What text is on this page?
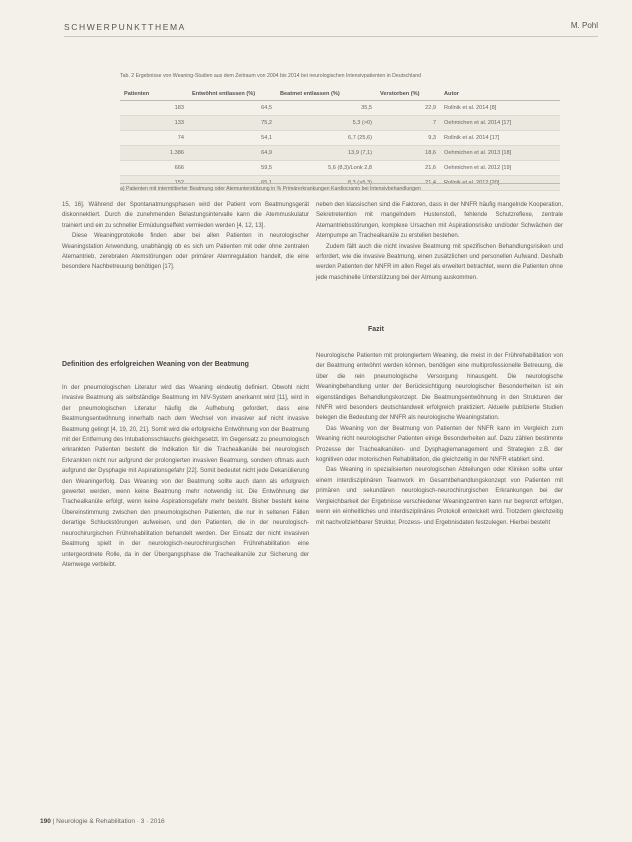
SCHWERPUNKTTHEMA	M. Pohl
Tab. 2 Ergebnisse von Weaning-Studien aus dem Zeitraum von 2004 bis 2014 bei neurologischen Intensivpatienten in Deutschland
Patienten	Entwöhnt entlassen (%)	Beatmet entlassen (%)	Verstorben (%)	Autor
183	64,5	35,5	22,9	Rollnik et al. 2014 [8]
133	75,2	5,3 (>0)	7	Oehmichen et al. 2014 [17]
74	54,1	6,7 (25,6)	9,3	Rollnik et al. 2014 [17]
1.386	64,9	13,9 (7,1)	18,6	Oehmichen et al. 2013 [18]
666	59,5	5,6 (8,3)/Lonk 2,8	21,6	Oehmichen et al. 2012 [19]
152	65,1	8,3 (>5,3)	21,4	Rollnik et al. 2012 [20]
a) Patienten mit intermittierter Beatmung oder Atemunterstützung in % Primärerkrankungen Kardiocranio bei Intensivbehandlungen

15, 16]. Während der Spontanatmungsphasen wird der Patient vom Beatmungsgerät diskonnektiert. Durch die zunehmenden Belastungsintervalle kann die Atemmuskulatur trainiert und ein zu schneller Ermüdungseffekt vermieden werden [4, 12, 13].

Diese Weaningprotokolle finden aber bei allen Patienten in neurologischer Weaningstation Anwendung, unabhängig ob es sich um Patienten mit oder ohne zentralen Atemantrieb, zerebralen Atemstörungen oder primärer Atemregulation handelt, die eine besondere Nachbetreuung benötigen [17].

Definition des erfolgreichen Weaning von der Beatmung

In der pneumologischen Literatur wird das Weaning eindeutig definiert. Obwohl nicht invasive Beatmung als selbständige Beatmung im NIV-System anerkannt wird [11], wird in der pneumologischen Literatur häufig die Aufhebung gefordert, dass eine Beatmungsentwöhnung innerhalb nach dem Wechsel von invasiver auf nicht invasive Beatmung gelingt [4, 19, 20, 21]. Somit wird die erfolgreiche Entwöhnung von der Beatmung mit der Entfernung des Intubationsschlauchs gleichgesetzt. Im Gegensatz zu pneumologisch erkrankten Patienten besteht die Indikation für die Trachealkanüle bei neurologisch Erkrankten nicht nur aufgrund der prolongierten invasiven Beatmung, sondern oftmals auch aufgrund der Dysphagie mit Aspirationsgefahr [22]. Somit bedeutet nicht jede Dekanülierung den Weaningerfolg. Das Weaning von der Beatmung sollte auch dann als erfolgreich gewertet werden, wenn keine Beatmung mehr notwendig ist. Die Entwöhnung der Trachealkanüle erfolgt, wenn keine Aspirationsgefahr mehr besteht. Bisher besteht keine Übereinstimmung zwischen den pneumologischen Patienten, die nur in seltenen Fällen derartige Schluckstörungen aufweisen, und den Patienten, die in der neurologisch-neurochirurgischen Frührehabilitation behandelt werden. Der Einsatz der nicht invasiven Beatmung spielt in der neurologisch-neurochirurgischen Frührehabilitation eine untergeordnete Rolle, da in der Übergangsphase die Trachealkanüle zur Sicherung der Atemwege verbleibt.

neben den klassischen sind die Faktoren, dass in der NNFR häufig mangelnde Kooperation, Sekretretention mit mangelndem Hustenstoß, fehlende Schutzreflexe, zentrale Atemantriebsstörungen, komplexe Ursachen mit Aspirationsrisiko und/oder Schwächen der Atempumpe an Trachealkanüle zu erstellen bestehen.

Zudem fällt auch die nicht invasive Beatmung mit spezifischen Behandlungsrisiken und erfordert, wie die invasive Beatmung, einen zusätzlichen und personellen Aufwand. Deshalb werden Patienten der NNFR im allen Regel als erweitert betrachtet, wenn die Patienten ohne jede maschinelle Unterstützung bei der Atmung auskommen.

Fazit

Neurologische Patienten mit prolongiertem Weaning, die meist in der Frührehabilitation von der Beatmung entwöhnt werden können, benötigen eine multiprofessionelle Betreuung, die über die rein pneumologische Versorgung hinausgeht. Die neurologische Weaningbehandlung unter der Berücksichtigung neurologischer Besonderheiten ist ein eigenständiges Behandlungskonzept. Die Beatmungsentwöhnung in den Strukturen der NNFR wird besonders deutschlandweit erfolgreich praktiziert. Aktuelle publizierte Studien belegen die Bedeutung der NNFR als neurologische Weaningstation.

Das Weaning von der Beatmung von Patienten der NNFR kann im Vergleich zum Weaning nicht neurologischer Patienten einige Besonderheiten auf. Dazu zählen bestimmte Prozesse der Trachealkanülen- und Dysphagiemanagement und Strategien z.B. der kognitiven oder motorischen Rehabilitation, die gleichzeitig in der NNFR etabliert sind.

Das Weaning in spezialisierten neurologischen Abteilungen oder Kliniken sollte unter einem interdisziplinären Teamwork im Gesamtbehandlungskonzept von Patienten mit primären und sekundären neurologisch-neurochirurgischen Erkrankungen bei der Vergleichbarkeit der Ergebnisse verschiedener Weaningzentren kann nur begrenzt erfolgen, wenn ein einheitliches und interdisziplinäres Protokoll entwickelt wird. Trotzdem gleichzeitig mit nachvollziehbarer Struktur, Prozess- und Ergebnisdaten festzulegen. Hierbei besteht

190 | Neurologie & Rehabilitation · 3 · 2016
